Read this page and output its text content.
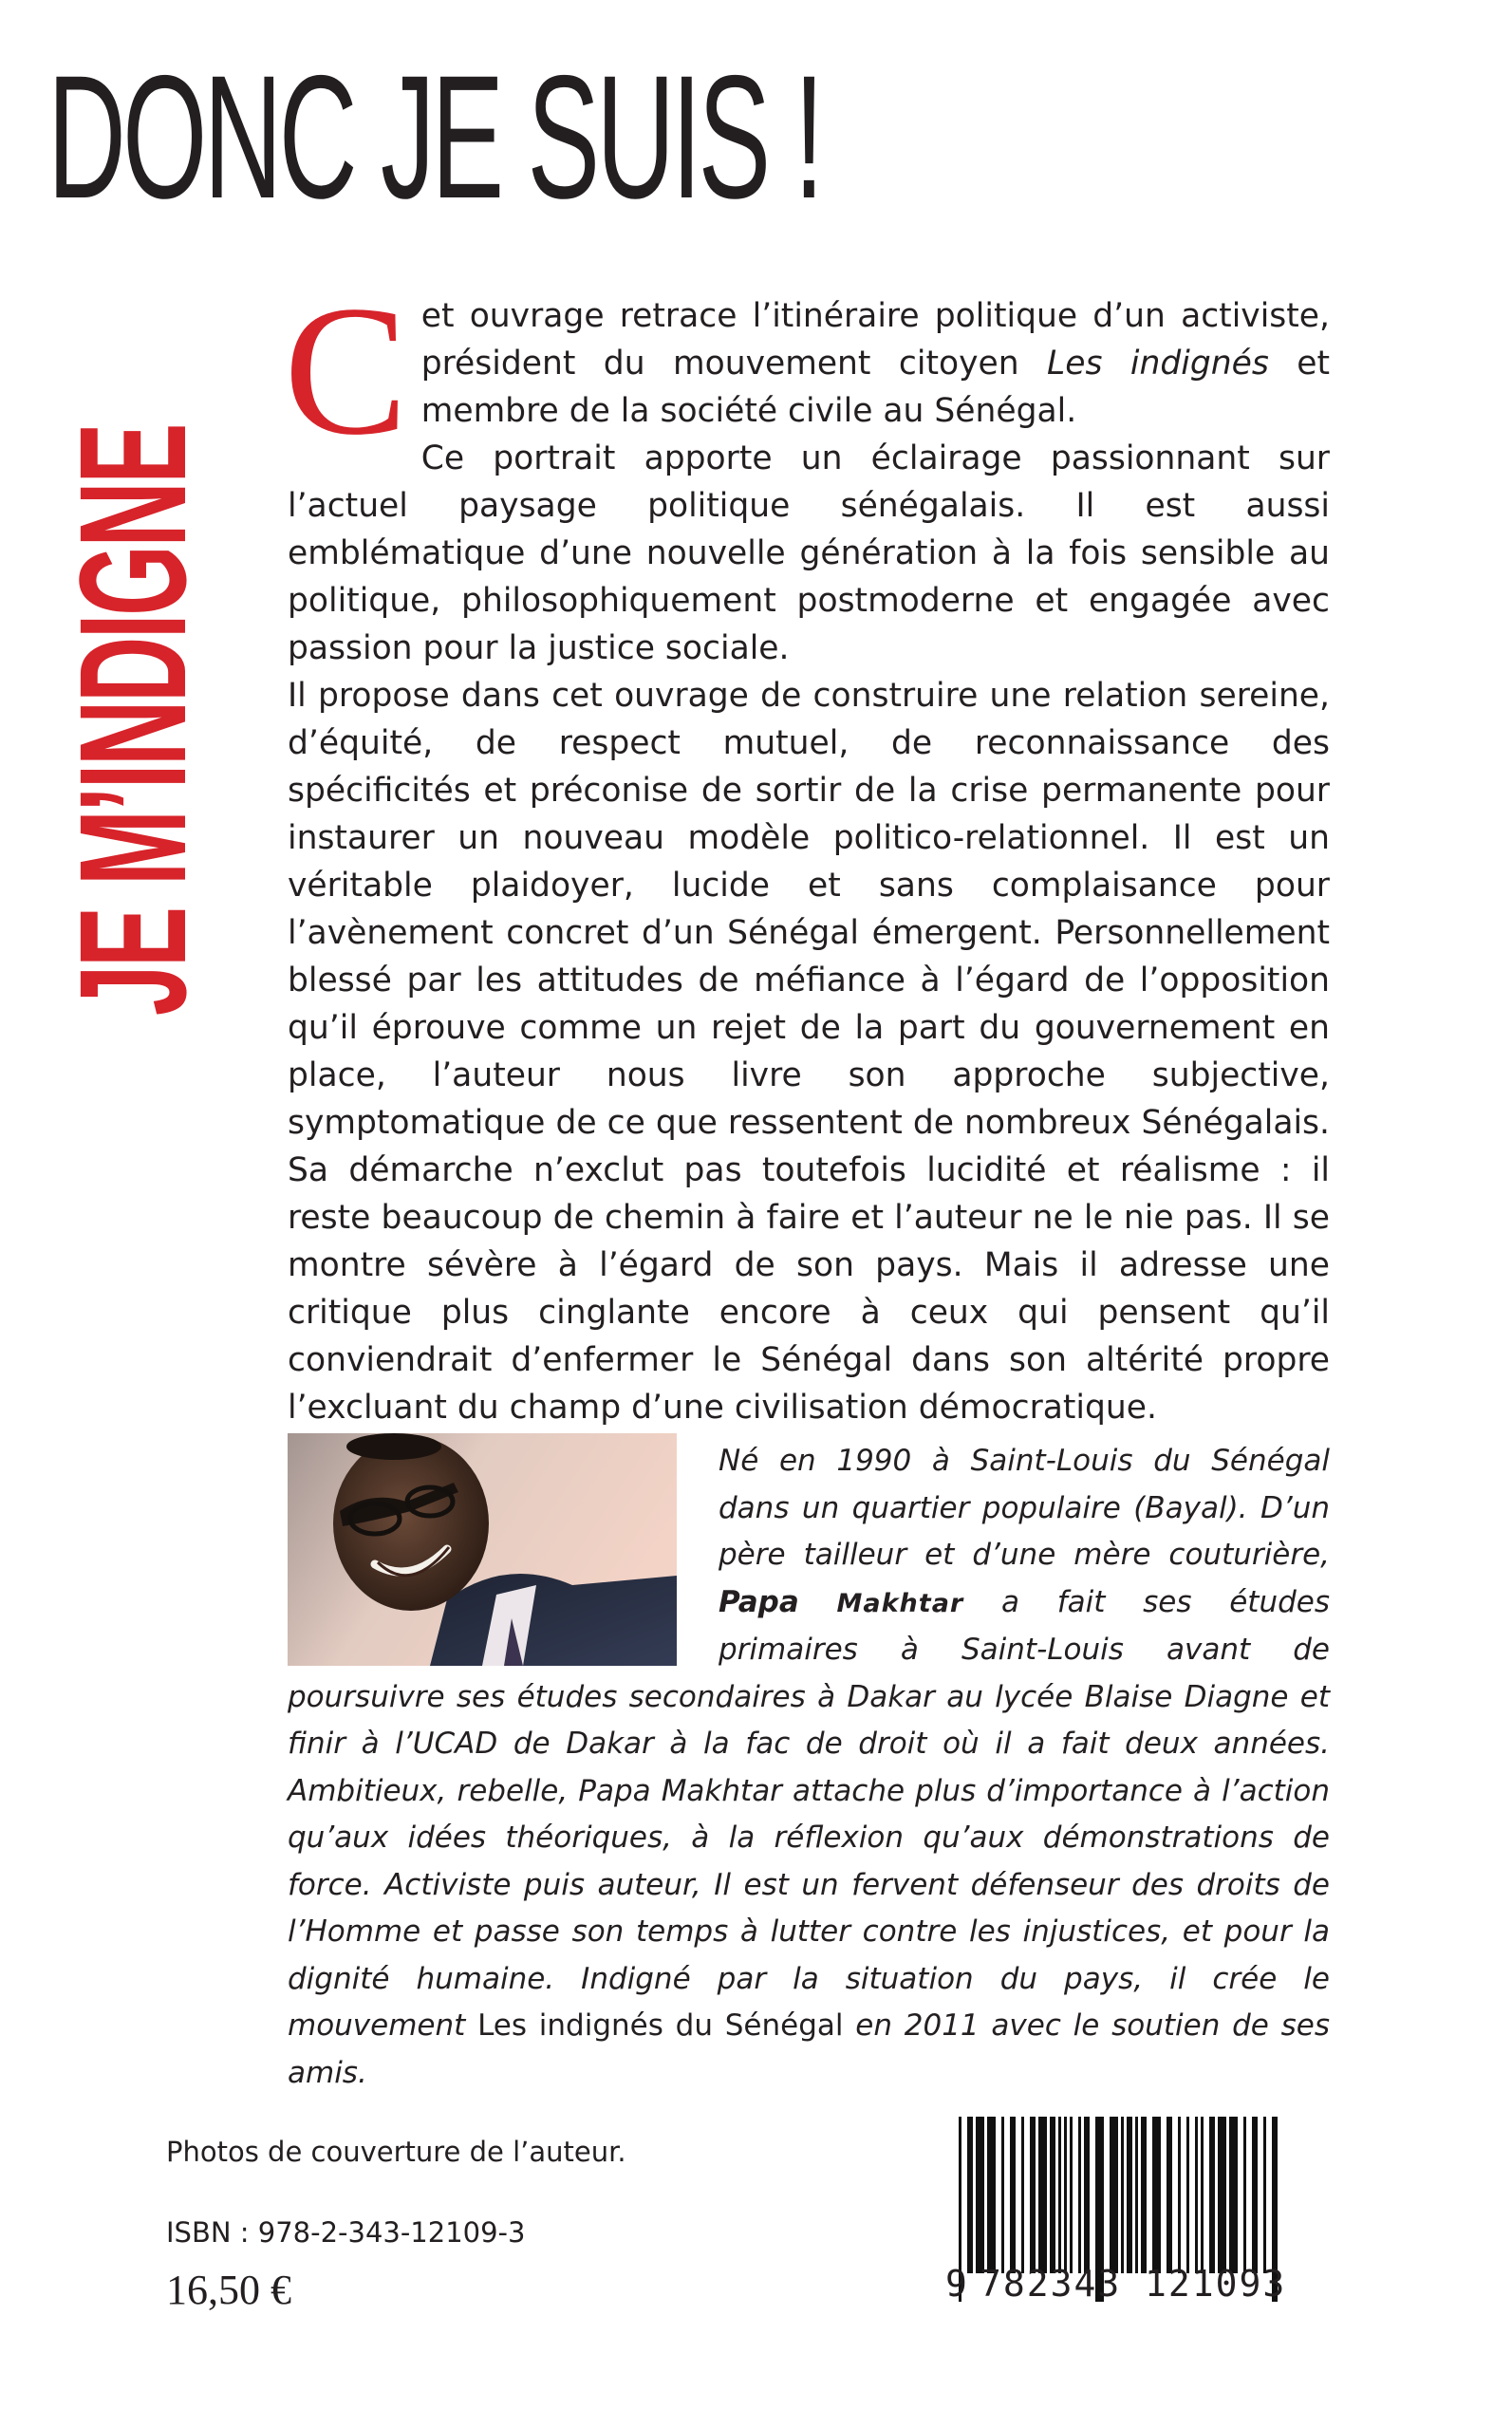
DONC JE SUIS !
JE M’INDIGNE
C et ouvrage retrace l’itinéraire politique d’un activiste, président du mouvement citoyen Les indignés et membre de la société civile au Sénégal.

Ce portrait apporte un éclairage passionnant sur l’actuel paysage politique sénégalais. Il est aussi emblématique d’une nouvelle génération à la fois sensible au politique, philosophiquement postmoderne et engagée avec passion pour la justice sociale.

Il propose dans cet ouvrage de construire une relation sereine, d’équité, de respect mutuel, de reconnaissance des spécificités et préconise de sortir de la crise permanente pour instaurer un nouveau modèle politico-relationnel. Il est un véritable plaidoyer, lucide et sans complaisance pour l’avènement concret d’un Sénégal émergent. Personnellement blessé par les attitudes de méfiance à l’égard de l’opposition qu’il éprouve comme un rejet de la part du gouvernement en place, l’auteur nous livre son approche subjective, symptomatique de ce que ressentent de nombreux Sénégalais. Sa démarche n’exclut pas toutefois lucidité et réalisme : il reste beaucoup de chemin à faire et l’auteur ne le nie pas. Il se montre sévère à l’égard de son pays. Mais il adresse une critique plus cinglante encore à ceux qui pensent qu’il conviendrait d’enfermer le Sénégal dans son altérité propre l’excluant du champ d’une civilisation démocratique.

Né en 1990 à Saint-Louis du Sénégal dans un quartier populaire (Bayal). D’un père tailleur et d’une mère couturière, Papa Makhtar a fait ses études primaires à Saint-Louis avant de poursuivre ses études secondaires à Dakar au lycée Blaise Diagne et finir à l’UCAD de Dakar à la fac de droit où il a fait deux années. Ambitieux, rebelle, Papa Makhtar attache plus d’importance à l’action qu’aux idées théoriques, à la réflexion qu’aux démonstrations de force. Activiste puis auteur, Il est un fervent défenseur des droits de l’Homme et passe son temps à lutter contre les injustices, et pour la dignité humaine. Indigné par la situation du pays, il crée le mouvement Les indignés du Sénégal en 2011 avec le soutien de ses amis.

Photos de couverture de l’auteur.

ISBN : 978-2-343-12109-3

16,50 €	9 782343 121093
